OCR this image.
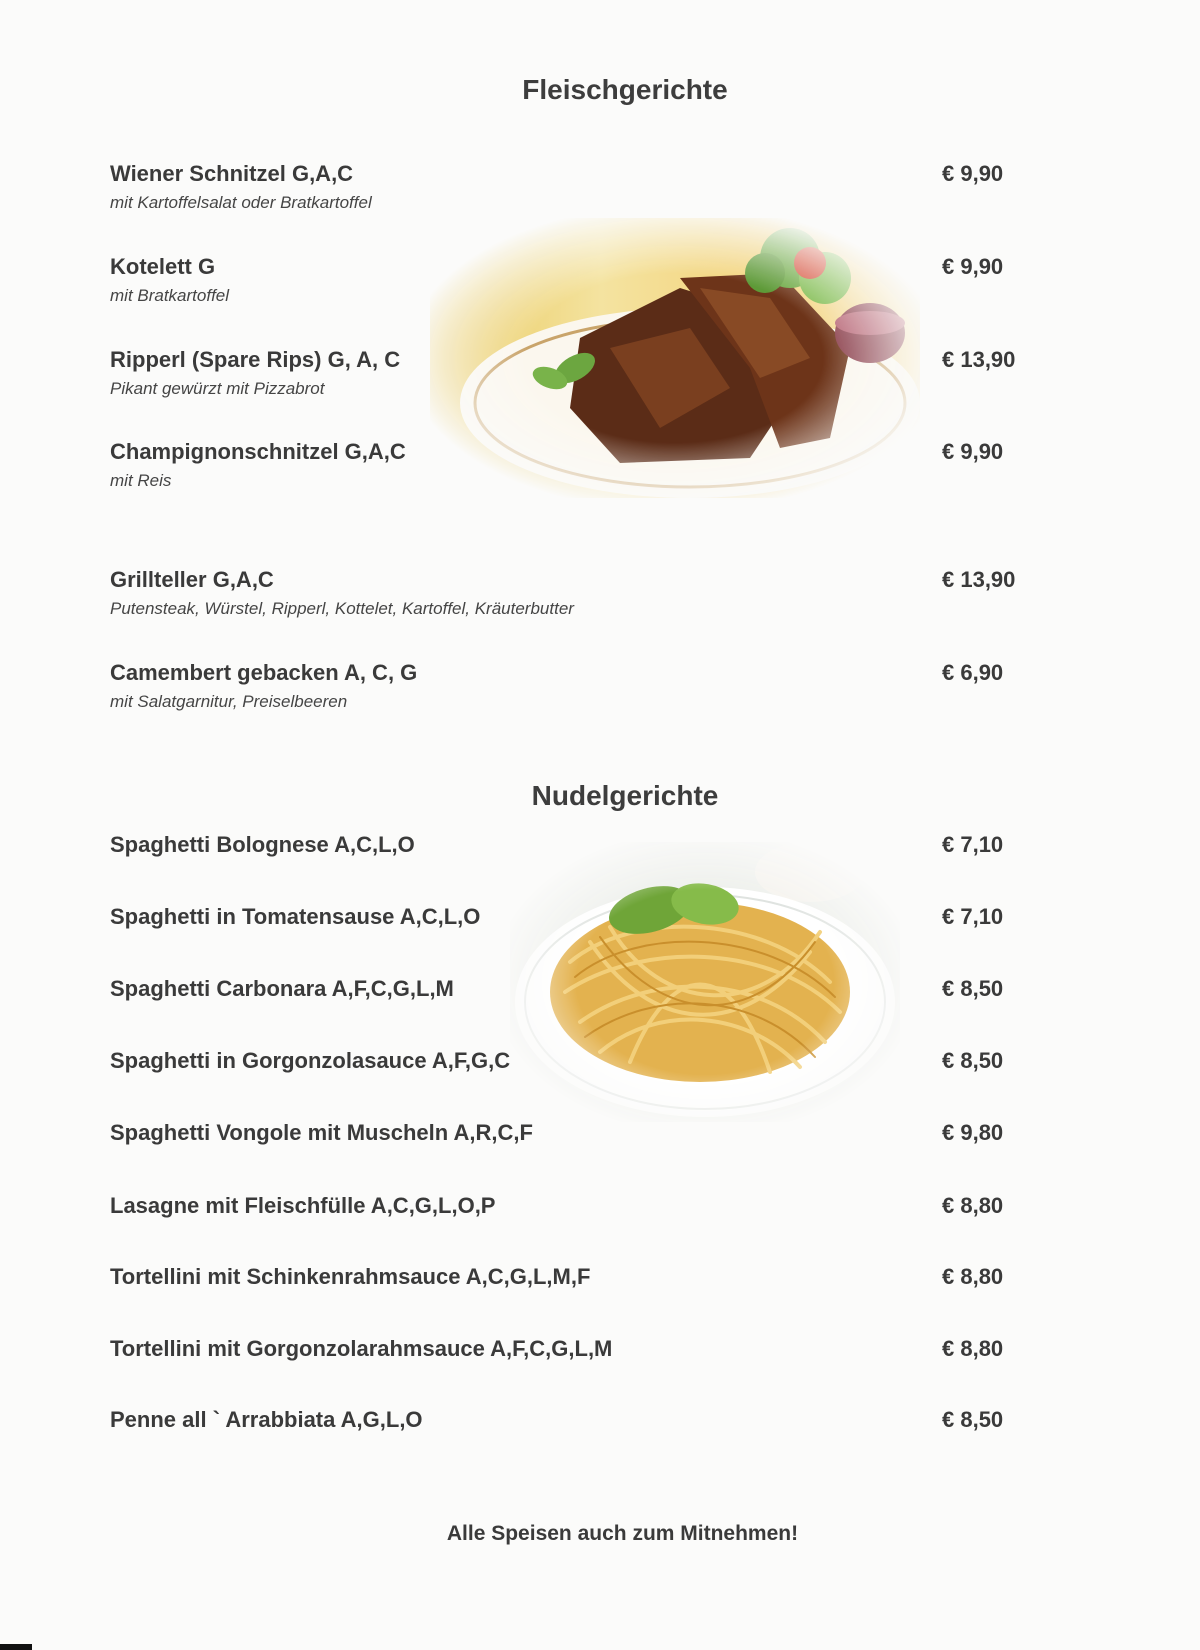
Fleischgerichte
Wiener Schnitzel G,A,C
mit Kartoffelsalat oder Bratkartoffel
€ 9,90
Kotelett G
mit Bratkartoffel
€ 9,90
Ripperl (Spare Rips) G, A, C
Pikant gewürzt mit Pizzabrot
€ 13,90
Champignonschnitzel G,A,C
mit Reis
€ 9,90
Grillteller G,A,C
Putensteak, Würstel, Ripperl, Kottelet, Kartoffel, Kräuterbutter
€ 13,90
Camembert gebacken A, C, G
mit Salatgarnitur, Preiselbeeren
€ 6,90
Nudelgerichte
Spaghetti Bolognese A,C,L,O	€ 7,10
Spaghetti in Tomatensause A,C,L,O	€ 7,10
Spaghetti Carbonara A,F,C,G,L,M	€ 8,50
Spaghetti in Gorgonzolasauce A,F,G,C	€ 8,50
Spaghetti Vongole mit Muscheln A,R,C,F	€ 9,80
Lasagne mit Fleischfülle A,C,G,L,O,P	€ 8,80
Tortellini mit Schinkenrahmsauce A,C,G,L,M,F	€ 8,80
Tortellini mit Gorgonzolarahmsauce A,F,C,G,L,M	€ 8,80
Penne all ` Arrabbiata A,G,L,O	€ 8,50
Alle Speisen auch zum Mitnehmen!
